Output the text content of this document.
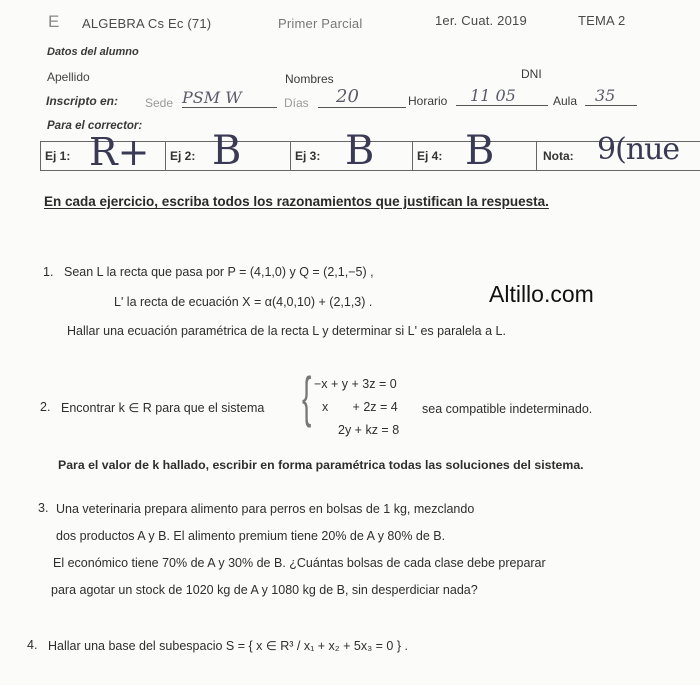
E ALGEBRA Cs Ec (71)	Primer Parcial	1er. Cuat. 2019	TEMA 2
Datos del alumno
Apellido	Nombres	DNI
Inscripto en: Sede PSM W	Días	20	Horario	11 05	Aula	35
Para el corrector:
Ej 1: R+ Ej 2: B	Ej 3: B	Ej 4: B	Nota: 9(nue
En cada ejercicio, escriba todos los razonamientos que justifican la respuesta.
Altillo.com
1. Sean L la recta que pasa por P = (4,1,0) y Q = (2,1,−5) ,
L' la recta de ecuación X = α(4,0,10) + (2,1,3) .
Hallar una ecuación paramétrica de la recta L y determinar si L' es paralela a L.
2. Encontrar k ∈ R para que el sistema { −x + y + 3z = 0
x       + 2z = 4
2y + kz = 8
sea compatible indeterminado.
Para el valor de k hallado, escribir en forma paramétrica todas las soluciones del sistema.
3. Una veterinaria prepara alimento para perros en bolsas de 1 kg, mezclando
dos productos A y B. El alimento premium tiene 20% de A y 80% de B.
El económico tiene 70% de A y 30% de B. ¿Cuántas bolsas de cada clase debe preparar
para agotar un stock de 1020 kg de A y 1080 kg de B, sin desperdiciar nada?
4. Hallar una base del subespacio S = { x ∈ R³ / x₁ + x₂ + 5x₃ = 0 } .
